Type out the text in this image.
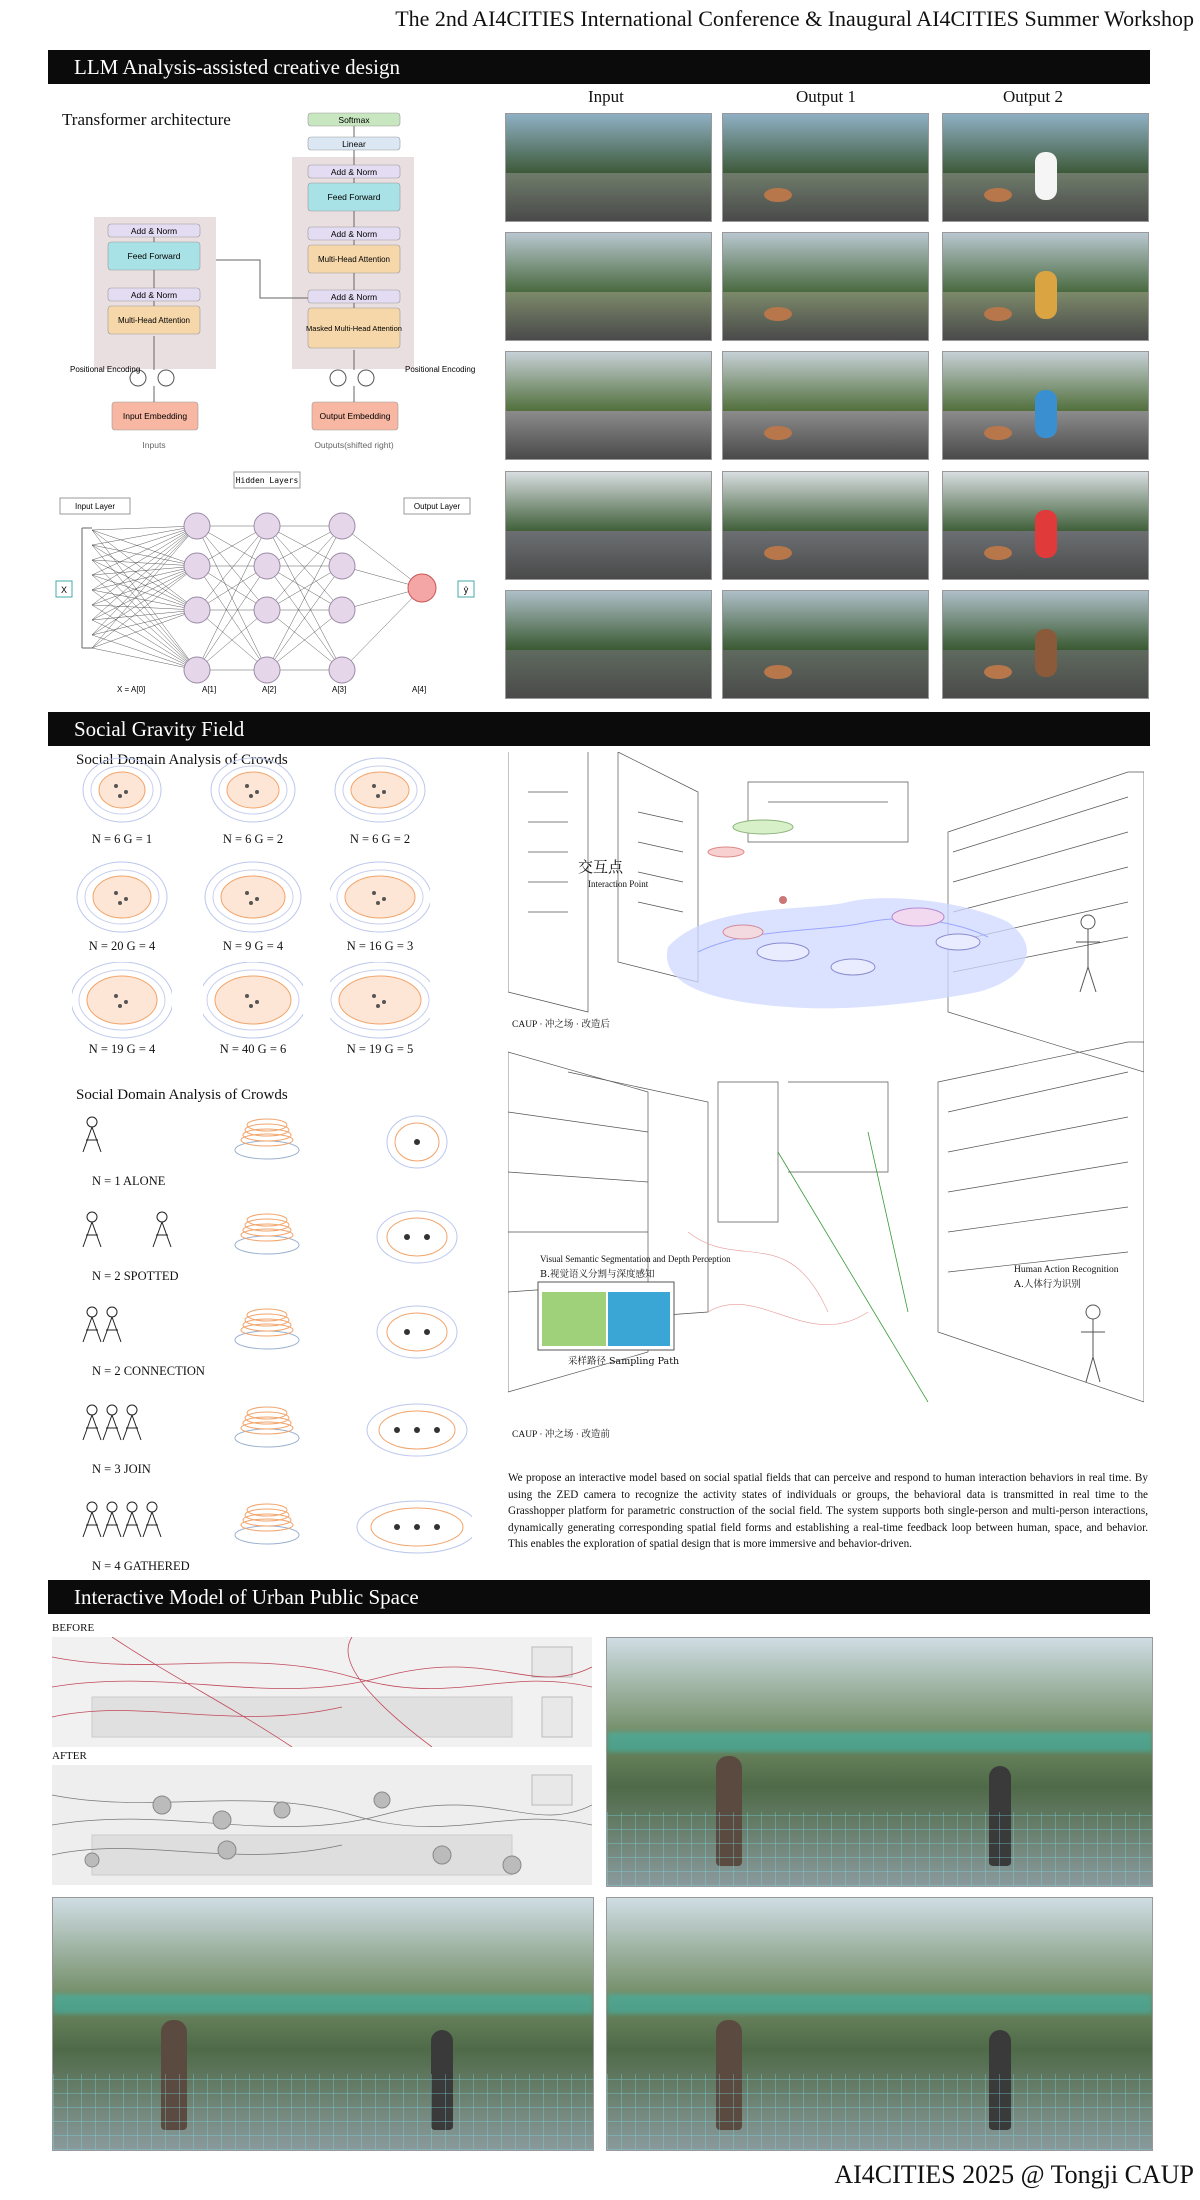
The 2nd AI4CITIES International Conference & Inaugural AI4CITIES Summer Workshop
LLM Analysis-assisted creative design
Transformer architecture	Softmax
Linear
Add & Norm
Feed Forward
Add & Norm
Multi-Head Attention
Add & Norm
Masked Multi-Head Attention
Add & Norm
Feed Forward
Add & Norm
Multi-Head Attention
Input Embedding	Output Embedding
Positional Encoding	Positional Encoding
Inputs	Outputs(shifted right)
Hidden Layers
Input Layer	Output Layer
X	ŷ
X = A[0]	A[1]	A[2]	A[3]	A[4]
Input	Output 1	Output 2
Social Gravity Field
Social Domain Analysis of Crowds
N = 6 G = 1	N = 6 G = 2	N = 6 G = 2
N = 20 G = 4	N = 9 G = 4	N = 16 G = 3
N = 19 G = 4	N = 40 G = 6	N = 19 G = 5
Social Domain Analysis of Crowds
N = 1 ALONE
N = 2 SPOTTED
N = 2 CONNECTION
N = 3 JOIN
N = 4 GATHERED
交互点
Interaction Point
CAUP · 冲之场 · 改造后
CAUP · 冲之场 · 改造前
Visual Semantic Segmentation and Depth Perception
B.视觉语义分割与深度感知
采样路径 Sampling Path
Human Action Recognition
A.人体行为识别
We propose an interactive model based on social spatial fields that can perceive and respond to human interaction behaviors in real time. By using the ZED camera to recognize the activity states of individuals or groups, the behavioral data is transmitted in real time to the Grasshopper platform for parametric construction of the social field. The system supports both single-person and multi-person interactions, dynamically generating corresponding spatial field forms and establishing a real-time feedback loop between human, space, and behavior. This enables the exploration of spatial design that is more immersive and behavior-driven.
Interactive Model of Urban Public Space
BEFORE
AFTER
AI4CITIES 2025 @ Tongji CAUP
